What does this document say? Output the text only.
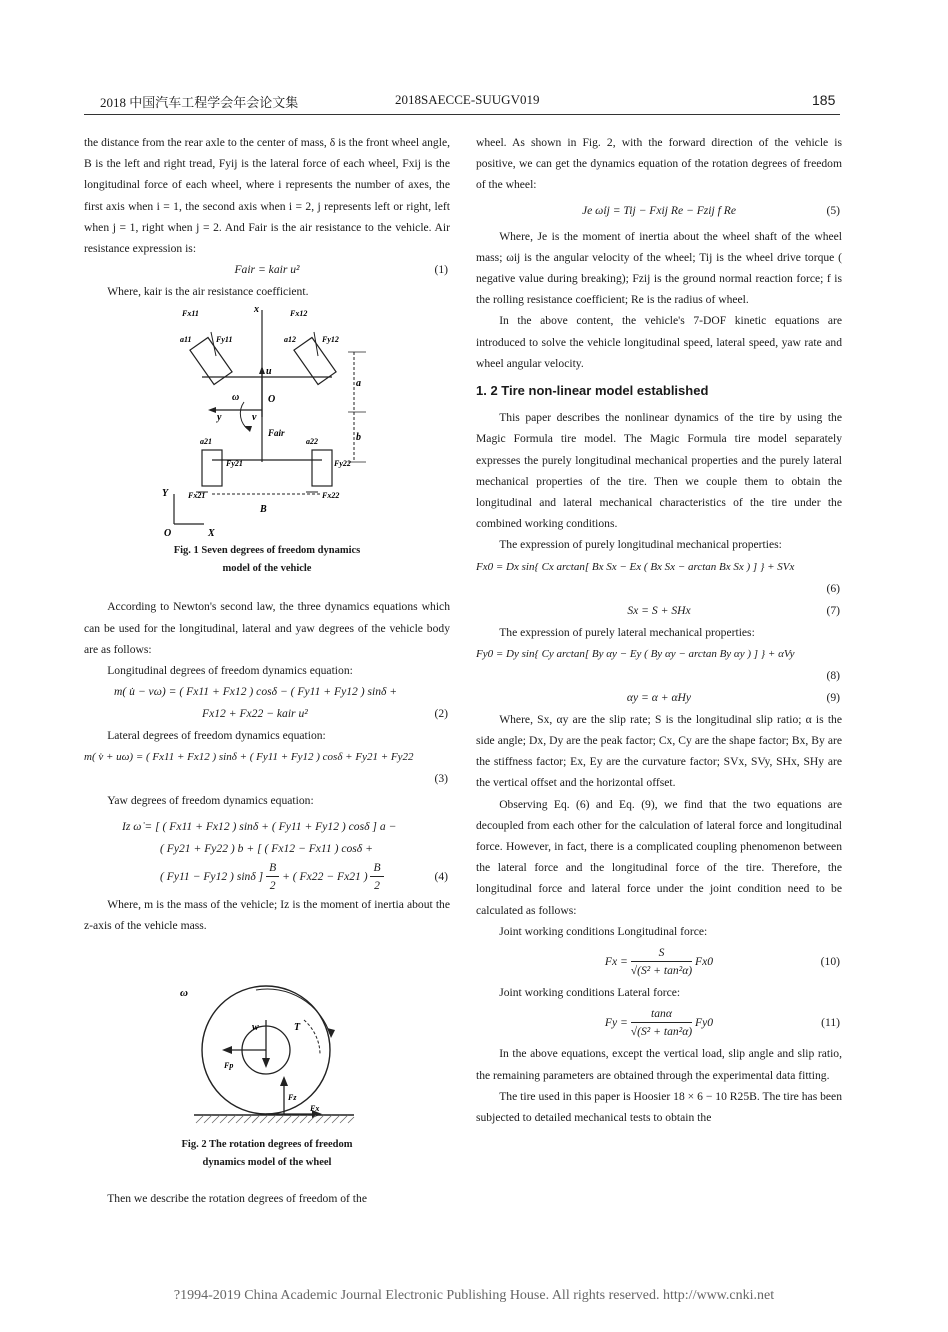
2018 中国汽车工程学会年会论文集	2018SAECCE-SUUGV019	185

the distance from the rear axle to the center of mass, δ is the front wheel angle, B is the left and right tread, Fyij is the lateral force of each wheel, Fxij is the longitudinal force of each wheel, where i represents the number of axes, the first axis when i = 1, the second axis when i = 2, j represents left or right, left when j = 1, right when j = 2. And Fair is the air resistance to the vehicle. Air resistance expression is:

Fair = kair u²	(1)

Where, kair is the air resistance coefficient.

x
u
ω	O
y	v
Fair
a
b
B
Y
X
O
Fx11
Fy11
a11
Fx12
Fy12
a12
Fy21
Fx21
a21
Fy22
Fx22
a22
Fig. 1 Seven degrees of freedom dynamics
model of the vehicle

According to Newton's second law, the three dynamics equations which can be used for the longitudinal, lateral and yaw degrees of the vehicle body are as follows:

Longitudinal degrees of freedom dynamics equation:

m( u̇ − vω) = ( Fx11 + Fx12 ) cosδ − ( Fy11 + Fy12 ) sinδ +
Fx12 + Fx22 − kair u²	(2)

Lateral degrees of freedom dynamics equation:

m( v̇ + uω) = ( Fx11 + Fx12 ) sinδ + ( Fy11 + Fy12 ) cosδ + Fy21 + Fy22
(3)

Yaw degrees of freedom dynamics equation:

Iz ω̇ = [ ( Fx11 + Fx12 ) sinδ + ( Fy11 + Fy12 ) cosδ ] a −
( Fy21 + Fy22 ) b + [ ( Fx12 − Fx11 ) cosδ +
( Fy11 − Fy12 ) sinδ ] $\frac{B}{2}$ + ( Fx22 − Fx21 ) $\frac{B}{2}$	(4)

Where, m is the mass of the vehicle; Iz is the moment of inertia about the z-axis of the vehicle mass.

ω
w	T
Fp
Fz
Fx
Fig. 2 The rotation degrees of freedom
dynamics model of the wheel

Then we describe the rotation degrees of freedom of the

wheel. As shown in Fig. 2, with the forward direction of the vehicle is positive, we can get the dynamics equation of the rotation degrees of freedom of the wheel:

Je ω̇ij = Tij − Fxij Re − Fzij f Re	(5)

Where, Je is the moment of inertia about the wheel shaft of the wheel mass; ωij is the angular velocity of the wheel; Tij is the wheel drive torque ( negative value during breaking); Fzij is the ground normal reaction force; f is the rolling resistance coefficient; Re is the radius of wheel.

In the above content, the vehicle's 7-DOF kinetic equations are introduced to solve the vehicle longitudinal speed, lateral speed, yaw rate and wheel angular velocity.

1. 2 Tire non-linear model established

This paper describes the nonlinear dynamics of the tire by using the Magic Formula tire model. The Magic Formula tire model separately expresses the purely longitudinal mechanical properties and the purely lateral mechanical properties of the tire. Then we couple them to obtain the longitudinal and lateral mechanical characteristics of the tire under the combined working conditions.

The expression of purely longitudinal mechanical properties:

Fx0 = Dx sin{ Cx arctan[ Bx Sx − Ex ( Bx Sx − arctan Bx Sx ) ] } + SVx
(6)
Sx = S + SHx	(7)

The expression of purely lateral mechanical properties:

Fy0 = Dy sin{ Cy arctan[ By αy − Ey ( By αy − arctan By αy ) ] } + αVy
(8)
αy = α + αHy	(9)

Where, Sx, αy are the slip rate; S is the longitudinal slip ratio; α is the side angle; Dx, Dy are the peak factor; Cx, Cy are the shape factor; Bx, By are the stiffness factor; Ex, Ey are the curvature factor; SVx, SVy, SHx, SHy are the vertical offset and the horizontal offset.

Observing Eq. (6) and Eq. (9), we find that the two equations are decoupled from each other for the calculation of lateral force and longitudinal force. However, in fact, there is a complicated coupling phenomenon between the lateral force and the longitudinal force of the tire. Therefore, the longitudinal force and lateral force under the joint condition need to be calculated as follows:

Joint working conditions Longitudinal force:

$Fx = \frac{S}{\text{√(S² + tan²α)}} Fx0$	(10)

Joint working conditions Lateral force:

$Fy = \frac{\tan\alpha}{\text{√(S² + tan²α)}} Fy0$	(11)

In the above equations, except the vertical load, slip angle and slip ratio, the remaining parameters are obtained through the experimental data fitting.

The tire used in this paper is Hoosier 18 × 6 − 10 R25B. The tire has been subjected to detailed mechanical tests to obtain the

?1994-2019 China Academic Journal Electronic Publishing House. All rights reserved. http://www.cnki.net
